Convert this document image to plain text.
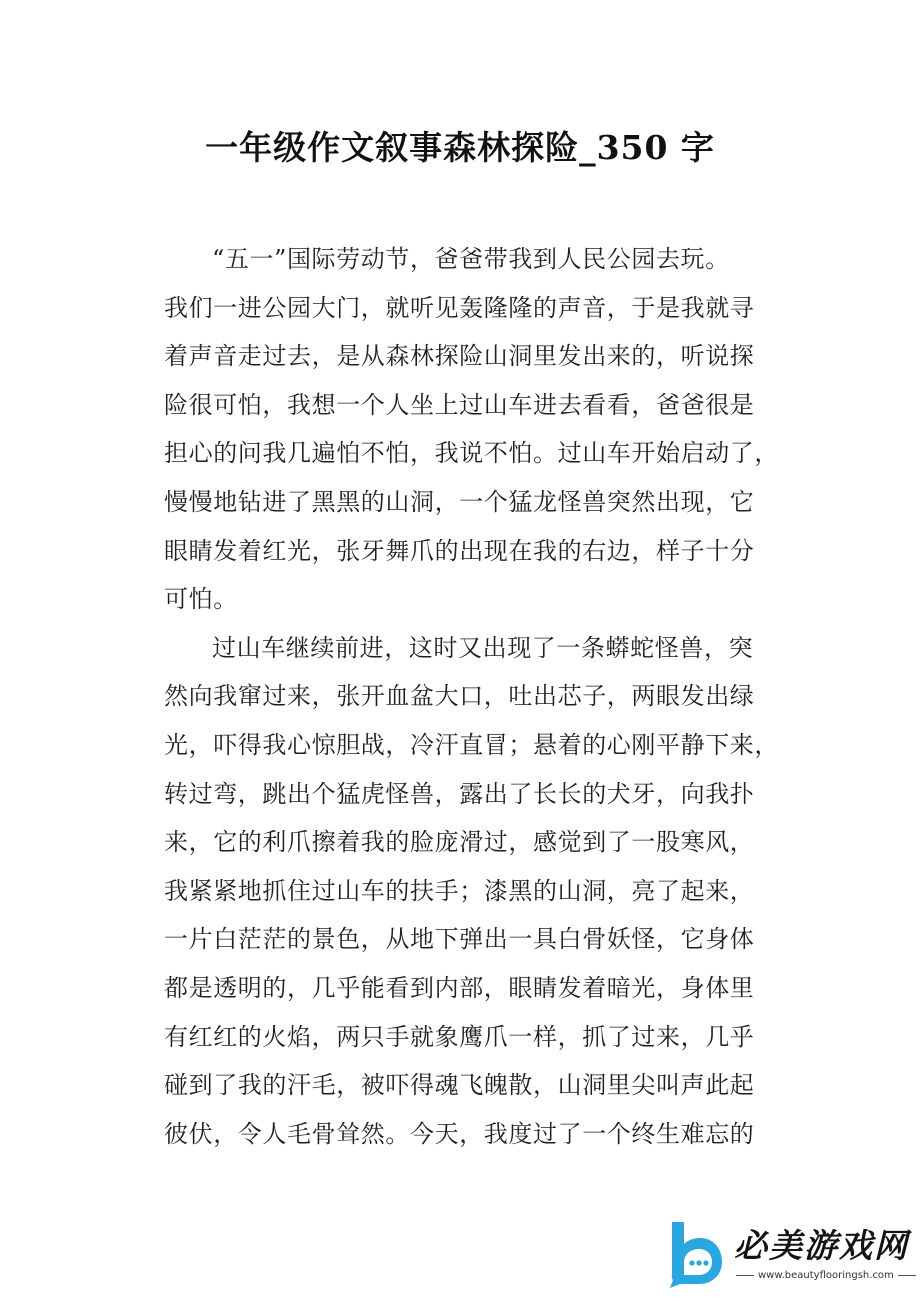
一年级作文叙事森林探险_350 字
“五一”国际劳动节，爸爸带我到人民公园去玩。
我们一进公园大门，就听见轰隆隆的声音，于是我就寻
着声音走过去，是从森林探险山洞里发出来的，听说探
险很可怕，我想一个人坐上过山车进去看看，爸爸很是
担心的问我几遍怕不怕，我说不怕。过山车开始启动了，
慢慢地钻进了黑黑的山洞，一个猛龙怪兽突然出现，它
眼睛发着红光，张牙舞爪的出现在我的右边，样子十分
可怕。
过山车继续前进，这时又出现了一条蟒蛇怪兽，突
然向我窜过来，张开血盆大口，吐出芯子，两眼发出绿
光，吓得我心惊胆战，冷汗直冒；悬着的心刚平静下来，
转过弯，跳出个猛虎怪兽，露出了长长的犬牙，向我扑
来，它的利爪擦着我的脸庞滑过，感觉到了一股寒风，
我紧紧地抓住过山车的扶手；漆黑的山洞，亮了起来，
一片白茫茫的景色，从地下弹出一具白骨妖怪，它身体
都是透明的，几乎能看到内部，眼睛发着暗光，身体里
有红红的火焰，两只手就象鹰爪一样，抓了过来，几乎
碰到了我的汗毛，被吓得魂飞魄散，山洞里尖叫声此起
彼伏，令人毛骨耸然。今天，我度过了一个终生难忘的
必美游戏网
www.beautyflooringsh.com
